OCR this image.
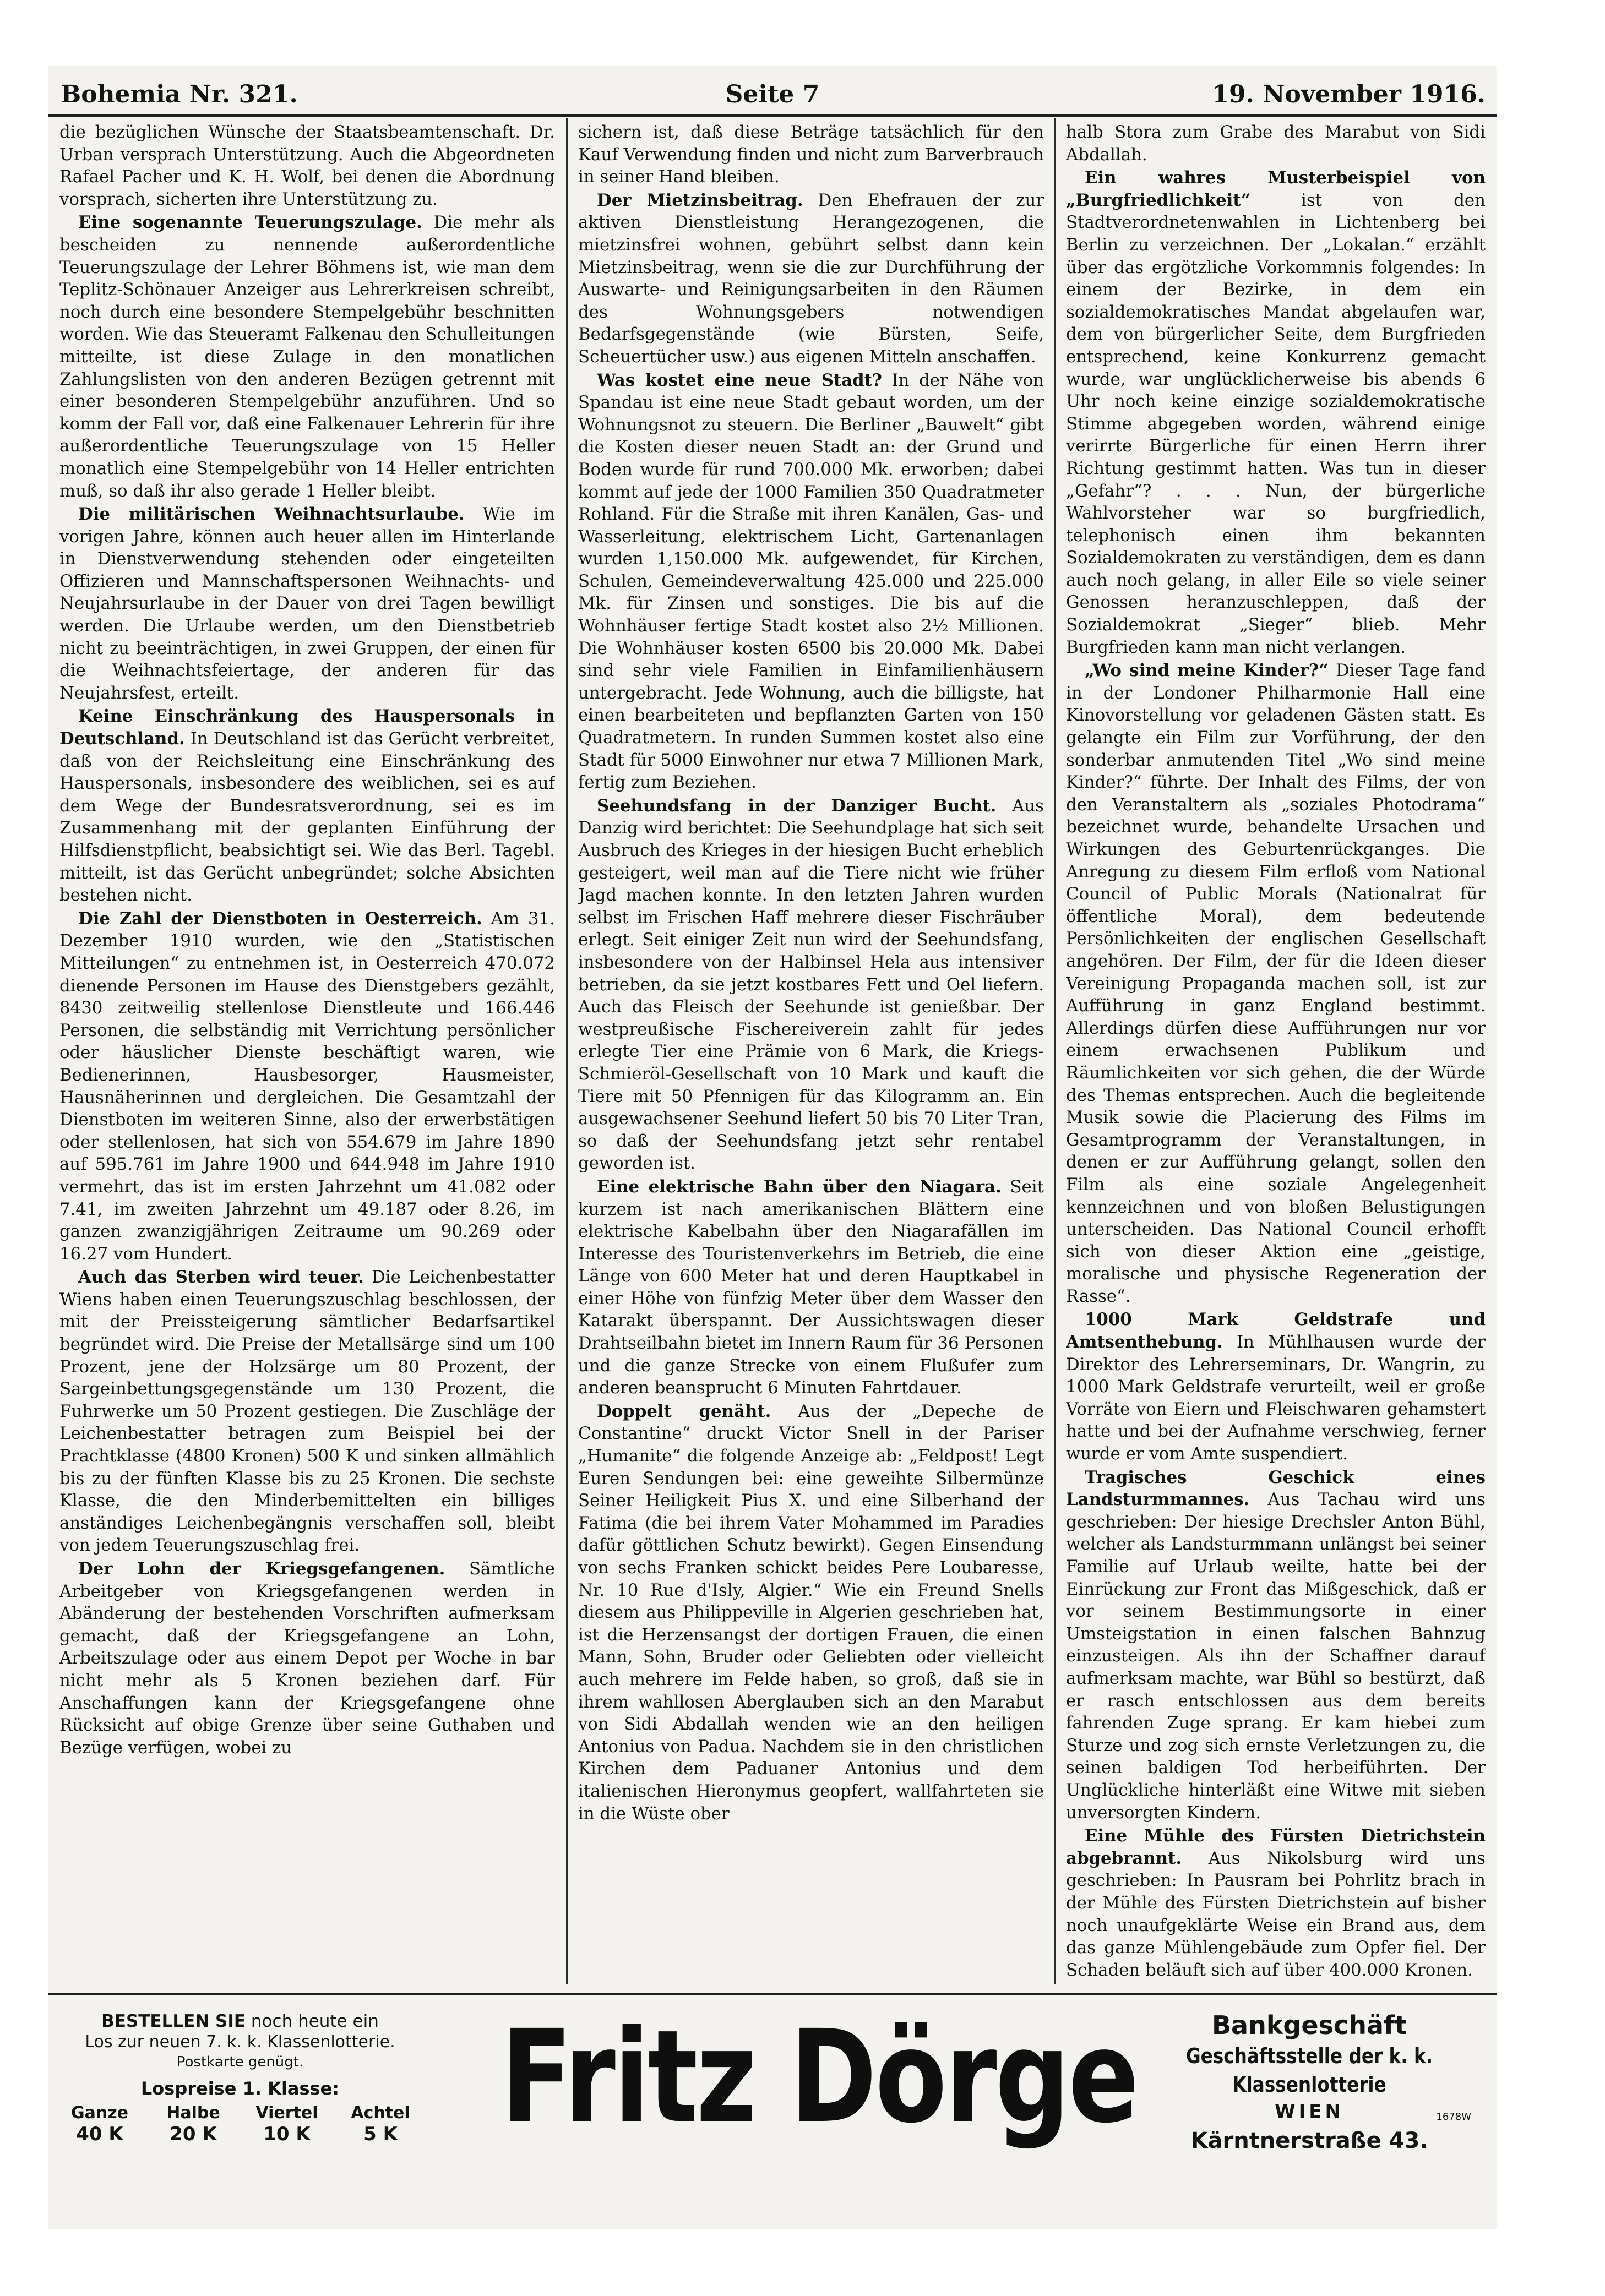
Bohemia Nr. 321.	Seite 7	19. November 1916.

die bezüglichen Wünsche der Staatsbeamtenschaft. Dr. Urban versprach Unterstützung. Auch die Abgeordneten Rafael Pacher und K. H. Wolf, bei denen die Abordnung vorsprach, sicherten ihre Unterstützung zu.

Eine sogenannte Teuerungszulage. Die mehr als bescheiden zu nennende außerordentliche Teuerungszulage der Lehrer Böhmens ist, wie man dem Teplitz-Schönauer Anzeiger aus Lehrerkreisen schreibt, noch durch eine besondere Stempelgebühr beschnitten worden. Wie das Steueramt Falkenau den Schulleitungen mitteilte, ist diese Zulage in den monatlichen Zahlungslisten von den anderen Bezügen getrennt mit einer besonderen Stempelgebühr anzuführen. Und so komm der Fall vor, daß eine Falkenauer Lehrerin für ihre außerordentliche Teuerungszulage von 15 Heller monatlich eine Stempelgebühr von 14 Heller entrichten muß, so daß ihr also gerade 1 Heller bleibt.

Die militärischen Weihnachtsurlaube. Wie im vorigen Jahre, können auch heuer allen im Hinterlande in Dienstverwendung stehenden oder eingeteilten Offizieren und Mannschaftspersonen Weihnachts- und Neujahrsurlaube in der Dauer von drei Tagen bewilligt werden. Die Urlaube werden, um den Dienstbetrieb nicht zu beeinträchtigen, in zwei Gruppen, der einen für die Weihnachtsfeiertage, der anderen für das Neujahrsfest, erteilt.

Keine Einschränkung des Hauspersonals in Deutschland. In Deutschland ist das Gerücht verbreitet, daß von der Reichsleitung eine Einschränkung des Hauspersonals, insbesondere des weiblichen, sei es auf dem Wege der Bundesratsverordnung, sei es im Zusammenhang mit der geplanten Einführung der Hilfsdienstpflicht, beabsichtigt sei. Wie das Berl. Tagebl. mitteilt, ist das Gerücht unbegründet; solche Absichten bestehen nicht.

Die Zahl der Dienstboten in Oesterreich. Am 31. Dezember 1910 wurden, wie den „Statistischen Mitteilungen“ zu entnehmen ist, in Oesterreich 470.072 dienende Personen im Hause des Dienstgebers gezählt, 8430 zeitweilig stellenlose Dienstleute und 166.446 Personen, die selbständig mit Verrichtung persönlicher oder häuslicher Dienste beschäftigt waren, wie Bedienerinnen, Hausbesorger, Hausmeister, Hausnäherinnen und dergleichen. Die Gesamtzahl der Dienstboten im weiteren Sinne, also der erwerbstätigen oder stellenlosen, hat sich von 554.679 im Jahre 1890 auf 595.761 im Jahre 1900 und 644.948 im Jahre 1910 vermehrt, das ist im ersten Jahrzehnt um 41.082 oder 7.41, im zweiten Jahrzehnt um 49.187 oder 8.26, im ganzen zwanzigjährigen Zeitraume um 90.269 oder 16.27 vom Hundert.

Auch das Sterben wird teuer. Die Leichenbestatter Wiens haben einen Teuerungszuschlag beschlossen, der mit der Preissteigerung sämtlicher Bedarfsartikel begründet wird. Die Preise der Metallsärge sind um 100 Prozent, jene der Holzsärge um 80 Prozent, der Sargeinbettungsgegenstände um 130 Prozent, die Fuhrwerke um 50 Prozent gestiegen. Die Zuschläge der Leichenbestatter betragen zum Beispiel bei der Prachtklasse (4800 Kronen) 500 K und sinken allmählich bis zu der fünften Klasse bis zu 25 Kronen. Die sechste Klasse, die den Minderbemittelten ein billiges anständiges Leichenbegängnis verschaffen soll, bleibt von jedem Teuerungszuschlag frei.

Der Lohn der Kriegsgefangenen. Sämtliche Arbeitgeber von Kriegsgefangenen werden in Abänderung der bestehenden Vorschriften aufmerksam gemacht, daß der Kriegsgefangene an Lohn, Arbeitszulage oder aus einem Depot per Woche in bar nicht mehr als 5 Kronen beziehen darf. Für Anschaffungen kann der Kriegsgefangene ohne Rücksicht auf obige Grenze über seine Guthaben und Bezüge verfügen, wobei zu

sichern ist, daß diese Beträge tatsächlich für den Kauf Verwendung finden und nicht zum Barverbrauch in seiner Hand bleiben.

Der Mietzinsbeitrag. Den Ehefrauen der zur aktiven Dienstleistung Herangezogenen, die mietzinsfrei wohnen, gebührt selbst dann kein Mietzinsbeitrag, wenn sie die zur Durchführung der Auswarte- und Reinigungsarbeiten in den Räumen des Wohnungsgebers notwendigen Bedarfsgegenstände (wie Bürsten, Seife, Scheuertücher usw.) aus eigenen Mitteln anschaffen.

Was kostet eine neue Stadt? In der Nähe von Spandau ist eine neue Stadt gebaut worden, um der Wohnungsnot zu steuern. Die Berliner „Bauwelt“ gibt die Kosten dieser neuen Stadt an: der Grund und Boden wurde für rund 700.000 Mk. erworben; dabei kommt auf jede der 1000 Familien 350 Quadratmeter Rohland. Für die Straße mit ihren Kanälen, Gas- und Wasserleitung, elektrischem Licht, Gartenanlagen wurden 1,150.000 Mk. aufgewendet, für Kirchen, Schulen, Gemeindeverwaltung 425.000 und 225.000 Mk. für Zinsen und sonstiges. Die bis auf die Wohnhäuser fertige Stadt kostet also 2½ Millionen. Die Wohnhäuser kosten 6500 bis 20.000 Mk. Dabei sind sehr viele Familien in Einfamilienhäusern untergebracht. Jede Wohnung, auch die billigste, hat einen bearbeiteten und bepflanzten Garten von 150 Quadratmetern. In runden Summen kostet also eine Stadt für 5000 Einwohner nur etwa 7 Millionen Mark, fertig zum Beziehen.

Seehundsfang in der Danziger Bucht. Aus Danzig wird berichtet: Die Seehundplage hat sich seit Ausbruch des Krieges in der hiesigen Bucht erheblich gesteigert, weil man auf die Tiere nicht wie früher Jagd machen konnte. In den letzten Jahren wurden selbst im Frischen Haff mehrere dieser Fischräuber erlegt. Seit einiger Zeit nun wird der Seehundsfang, insbesondere von der Halbinsel Hela aus intensiver betrieben, da sie jetzt kostbares Fett und Oel liefern. Auch das Fleisch der Seehunde ist genießbar. Der westpreußische Fischereiverein zahlt für jedes erlegte Tier eine Prämie von 6 Mark, die Kriegs-Schmieröl-Gesellschaft von 10 Mark und kauft die Tiere mit 50 Pfennigen für das Kilogramm an. Ein ausgewachsener Seehund liefert 50 bis 70 Liter Tran, so daß der Seehundsfang jetzt sehr rentabel geworden ist.

Eine elektrische Bahn über den Niagara. Seit kurzem ist nach amerikanischen Blättern eine elektrische Kabelbahn über den Niagarafällen im Interesse des Touristenverkehrs im Betrieb, die eine Länge von 600 Meter hat und deren Hauptkabel in einer Höhe von fünfzig Meter über dem Wasser den Katarakt überspannt. Der Aussichtswagen dieser Drahtseilbahn bietet im Innern Raum für 36 Personen und die ganze Strecke von einem Flußufer zum anderen beansprucht 6 Minuten Fahrtdauer.

Doppelt genäht. Aus der „Depeche de Constantine“ druckt Victor Snell in der Pariser „Humanite“ die folgende Anzeige ab: „Feldpost! Legt Euren Sendungen bei: eine geweihte Silbermünze Seiner Heiligkeit Pius X. und eine Silberhand der Fatima (die bei ihrem Vater Mohammed im Paradies dafür göttlichen Schutz bewirkt). Gegen Einsendung von sechs Franken schickt beides Pere Loubaresse, Nr. 10 Rue d'Isly, Algier.“ Wie ein Freund Snells diesem aus Philippeville in Algerien geschrieben hat, ist die Herzensangst der dortigen Frauen, die einen Mann, Sohn, Bruder oder Geliebten oder vielleicht auch mehrere im Felde haben, so groß, daß sie in ihrem wahllosen Aberglauben sich an den Marabut von Sidi Abdallah wenden wie an den heiligen Antonius von Padua. Nachdem sie in den christlichen Kirchen dem Paduaner Antonius und dem italienischen Hieronymus geopfert, wallfahrteten sie in die Wüste ober

halb Stora zum Grabe des Marabut von Sidi Abdallah.

Ein wahres Musterbeispiel von „Burgfriedlichkeit“	ist von den Stadtverordnetenwahlen in Lichtenberg bei Berlin zu verzeichnen. Der „Lokalan.“ erzählt über das ergötzliche Vorkommnis folgendes: In einem der Bezirke, in dem ein sozialdemokratisches Mandat abgelaufen war, dem von bürgerlicher Seite, dem Burgfrieden entsprechend, keine Konkurrenz gemacht wurde, war unglücklicherweise bis abends 6 Uhr noch keine einzige sozialdemokratische Stimme abgegeben worden, während einige verirrte Bürgerliche für einen Herrn ihrer Richtung gestimmt hatten. Was tun in dieser „Gefahr“? . . . Nun, der bürgerliche Wahlvorsteher war so burgfriedlich, telephonisch einen ihm bekannten Sozialdemokraten zu verständigen, dem es dann auch noch gelang, in aller Eile so viele seiner Genossen heranzuschleppen, daß der Sozialdemokrat „Sieger“ blieb. Mehr Burgfrieden kann man nicht verlangen.

„Wo sind meine Kinder?“ Dieser Tage fand in der Londoner Philharmonie Hall eine Kinovorstellung vor geladenen Gästen statt. Es gelangte ein Film zur Vorführung, der den sonderbar anmutenden Titel „Wo sind meine Kinder?“ führte. Der Inhalt des Films, der von den Veranstaltern als „soziales Photodrama“ bezeichnet wurde, behandelte Ursachen und Wirkungen des Geburtenrückganges. Die Anregung zu diesem Film erfloß vom National Council of Public Morals (Nationalrat für öffentliche Moral), dem bedeutende Persönlichkeiten der englischen Gesellschaft angehören. Der Film, der für die Ideen dieser Vereinigung Propaganda machen soll, ist zur Aufführung in ganz England bestimmt. Allerdings dürfen diese Aufführungen nur vor einem erwachsenen Publikum und Räumlichkeiten vor sich gehen, die der Würde des Themas entsprechen. Auch die begleitende Musik sowie die Placierung des Films im Gesamtprogramm der Veranstaltungen, in denen er zur Aufführung gelangt, sollen den Film als eine soziale Angelegenheit kennzeichnen und von bloßen Belustigungen unterscheiden. Das National Council erhofft sich von dieser Aktion eine „geistige, moralische und physische Regeneration der Rasse“.

1000 Mark Geldstrafe und Amtsenthebung. In Mühlhausen wurde der Direktor des Lehrerseminars, Dr. Wangrin, zu 1000 Mark Geldstrafe verurteilt, weil er große Vorräte von Eiern und Fleischwaren gehamstert hatte und bei der Aufnahme verschwieg, ferner wurde er vom Amte suspendiert.

Tragisches Geschick eines Landsturmmannes. Aus Tachau wird uns geschrieben: Der hiesige Drechsler Anton Bühl, welcher als Landsturmmann unlängst bei seiner Familie auf Urlaub weilte, hatte bei der Einrückung zur Front das Mißgeschick, daß er vor seinem Bestimmungsorte in einer Umsteigstation in einen falschen Bahnzug einzusteigen. Als ihn der Schaffner darauf aufmerksam machte, war Bühl so bestürzt, daß er rasch entschlossen aus dem bereits fahrenden Zuge sprang. Er kam hiebei zum Sturze und zog sich ernste Verletzungen zu, die seinen baldigen Tod herbeiführten. Der Unglückliche hinterläßt eine Witwe mit sieben unversorgten Kindern.

Eine Mühle des Fürsten Dietrichstein abgebrannt. Aus Nikolsburg wird uns geschrieben: In Pausram bei Pohrlitz brach in der Mühle des Fürsten Dietrichstein auf bisher noch unaufgeklärte Weise ein Brand aus, dem das ganze Mühlengebäude zum Opfer fiel. Der Schaden beläuft sich auf über 400.000 Kronen.

BESTELLEN SIE noch heute ein
Los zur neuen 7. k. k. Klassenlotterie.
Postkarte genügt.
Lospreise 1. Klasse:
Ganze
40 K
Halbe
20 K
Viertel
10 K
Achtel
5 K Fritz Dörge	Bankgeschäft
Geschäftsstelle der k. k. Klassenlotterie
WIEN	1678W
Kärntnerstraße 43.
